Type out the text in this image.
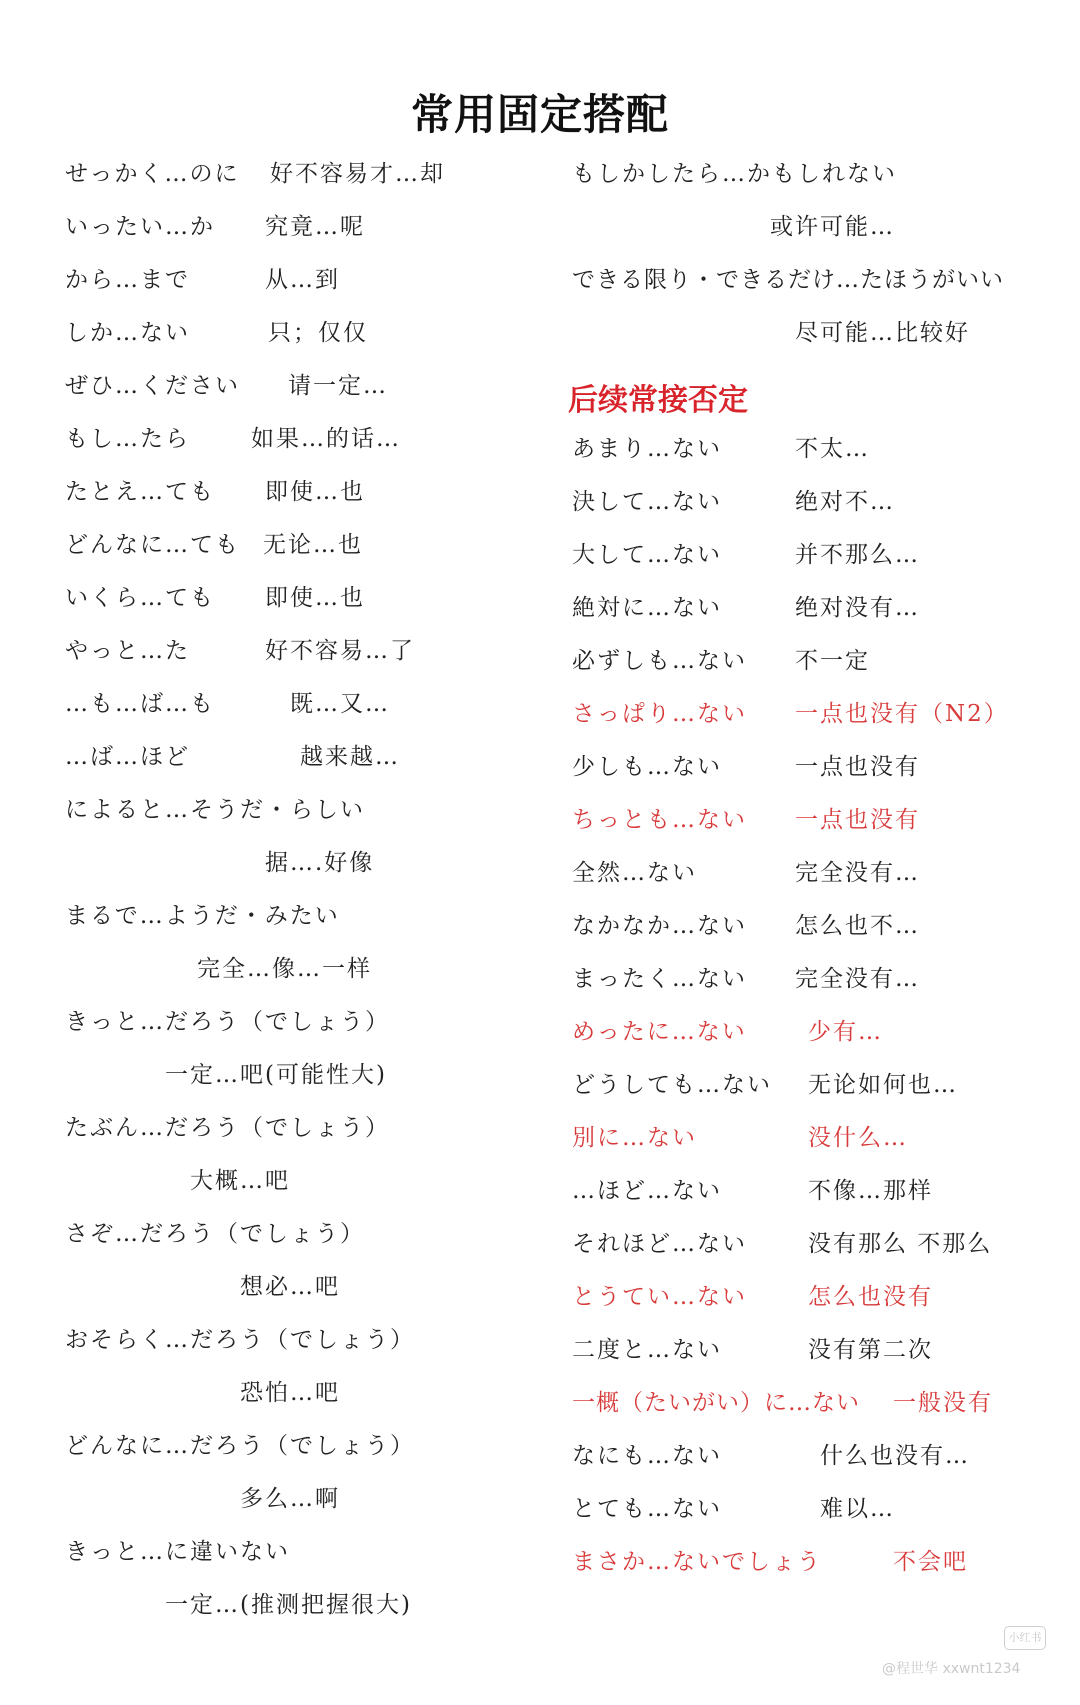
常用固定搭配
せっかく…のに 好不容易才…却
いったい…か 究竟…呢
から…まで	从…到
しか…ない	只；仅仅
ぜひ…ください 请一定…
もし…たら	如果…的话…
たとえ…ても 即使…也
どんなに…ても 无论…也
いくら…ても 即使…也
やっと…た	好不容易…了
…も…ば…も	既…又…
…ば…ほど	越来越…
によると…そうだ・らしい
据….好像
まるで…ようだ・みたい
完全…像…一样
きっと…だろう（でしょう）
一定…吧(可能性大)
たぶん…だろう（でしょう）
大概…吧
さぞ…だろう（でしょう）
想必…吧
おそらく…だろう（でしょう）
恐怕…吧
どんなに…だろう（でしょう）
多么…啊
きっと…に違いない
一定…(推测把握很大)
もしかしたら…かもしれない
或许可能…
できる限り・できるだけ…たほうがいい
尽可能…比较好
后续常接否定
あまり…ない	不太…
決して…ない	绝对不…
大して…ない	并不那么…
絶対に…ない	绝对没有…
必ずしも…ない 不一定
さっぱり…ない 一点也没有（N2）
少しも…ない	一点也没有
ちっとも…ない 一点也没有
全然…ない	完全没有…
なかなか…ない 怎么也不…
まったく…ない 完全没有…
めったに…ない	少有…
どうしても…ない 无论如何也…
別に…ない	没什么…
…ほど…ない	不像…那样
それほど…ない	没有那么 不那么
とうてい…ない	怎么也没有
二度と…ない	没有第二次
一概（たいがい）に…ない 一般没有
なにも…ない	什么也没有…
とても…ない	难以…
まさか…ないでしょう	不会吧
小红书
@程世华 xxwnt1234
